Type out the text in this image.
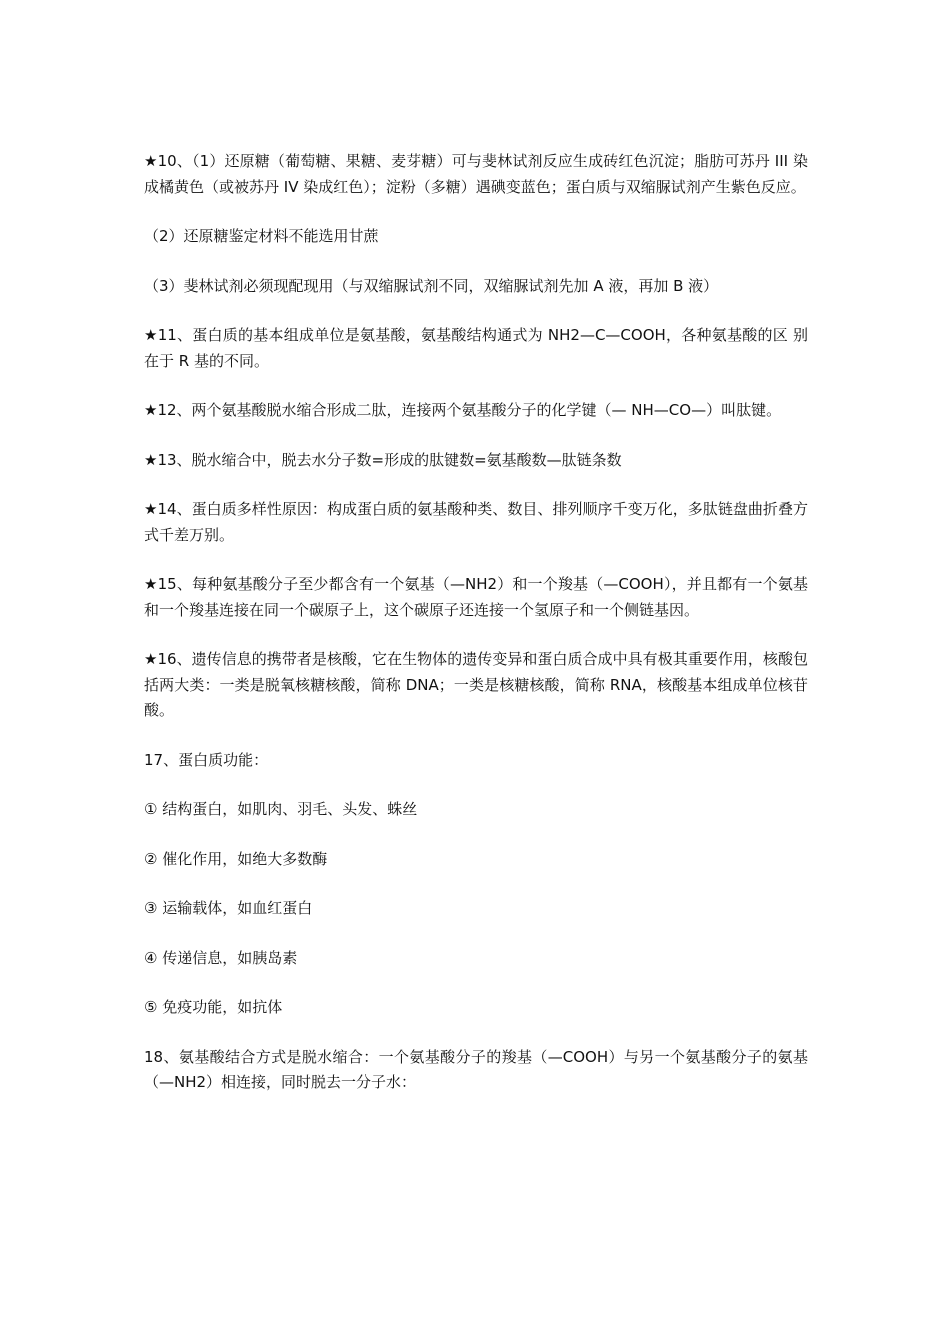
★10、（1）还原糖（葡萄糖、果糖、麦芽糖）可与斐林试剂反应生成砖红色沉淀；脂肪可苏丹 III 染成橘黄色（或被苏丹 IV 染成红色）；淀粉（多糖）遇碘变蓝色；蛋白质与双缩脲试剂产生紫色反应。

（2）还原糖鉴定材料不能选用甘蔗

（3）斐林试剂必须现配现用（与双缩脲试剂不同，双缩脲试剂先加 A 液，再加 B 液）

★11、蛋白质的基本组成单位是氨基酸，氨基酸结构通式为 NH2—C—COOH，各种氨基酸的区 别在于 R 基的不同。

★12、两个氨基酸脱水缩合形成二肽，连接两个氨基酸分子的化学键（— NH—CO—）叫肽键。

★13、脱水缩合中，脱去水分子数=形成的肽键数=氨基酸数—肽链条数

★14、蛋白质多样性原因：构成蛋白质的氨基酸种类、数目、排列顺序千变万化，多肽链盘曲折叠方式千差万别。

★15、每种氨基酸分子至少都含有一个氨基（—NH2）和一个羧基（—COOH），并且都有一个氨基和一个羧基连接在同一个碳原子上，这个碳原子还连接一个氢原子和一个侧链基因。

★16、遗传信息的携带者是核酸，它在生物体的遗传变异和蛋白质合成中具有极其重要作用，核酸包括两大类：一类是脱氧核糖核酸，简称 DNA；一类是核糖核酸，简称 RNA，核酸基本组成单位核苷酸。

17、蛋白质功能：

① 结构蛋白，如肌肉、羽毛、头发、蛛丝

② 催化作用，如绝大多数酶

③ 运输载体，如血红蛋白

④ 传递信息，如胰岛素

⑤ 免疫功能，如抗体

18、氨基酸结合方式是脱水缩合：一个氨基酸分子的羧基（—COOH）与另一个氨基酸分子的氨基（—NH2）相连接，同时脱去一分子水：
